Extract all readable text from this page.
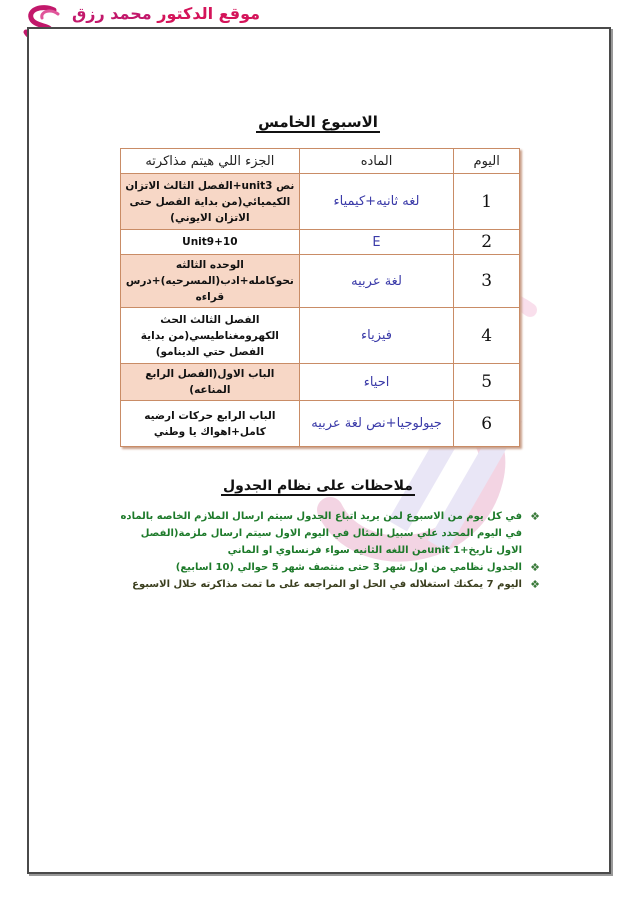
موقع الدكتور محمد رزق
الاسبوع الخامس
اليوم	الماده	الجزء اللي هيتم مذاكرته
1	لغه ثانيه+كيمياء	نص unit3+الفصل الثالث الاتزان الكيميائي(من بداية الفصل حتى الاتزان الايوني)
2	E	Unit9+10
3	لغة عربيه	الوحده الثالثه نحوكامله+ادب(المسرحيه)+درس قراءه
4	فيزياء	الفصل الثالث الحث الكهرومغناطيسي(من بداية الفصل حتي الدينامو)
5	احياء	الباب الاول(الفصل الرابع المناعه)
6	جيولوجيا+نص لغة عربيه	الباب الرابع حركات ارضيه كامل+اهواك يا وطني
ملاحظات على نظام الجدول
❖
في كل يوم من الاسبوع لمن يريد اتباع الجدول سيتم ارسال الملازم الخاصه بالماده في اليوم المحدد علي سبيل المثال في اليوم الاول سيتم ارسال ملزمة(الفصل الاول تاريخ+unit 1من اللغه الثانيه سواء فرنساوي او الماني
❖
الجدول نظامي من اول شهر 3 حتى منتصف شهر 5 حوالي (10 اسابيع)
❖
اليوم 7 يمكنك استغلاله في الحل او المراجعه على ما تمت مذاكرته خلال الاسبوع
